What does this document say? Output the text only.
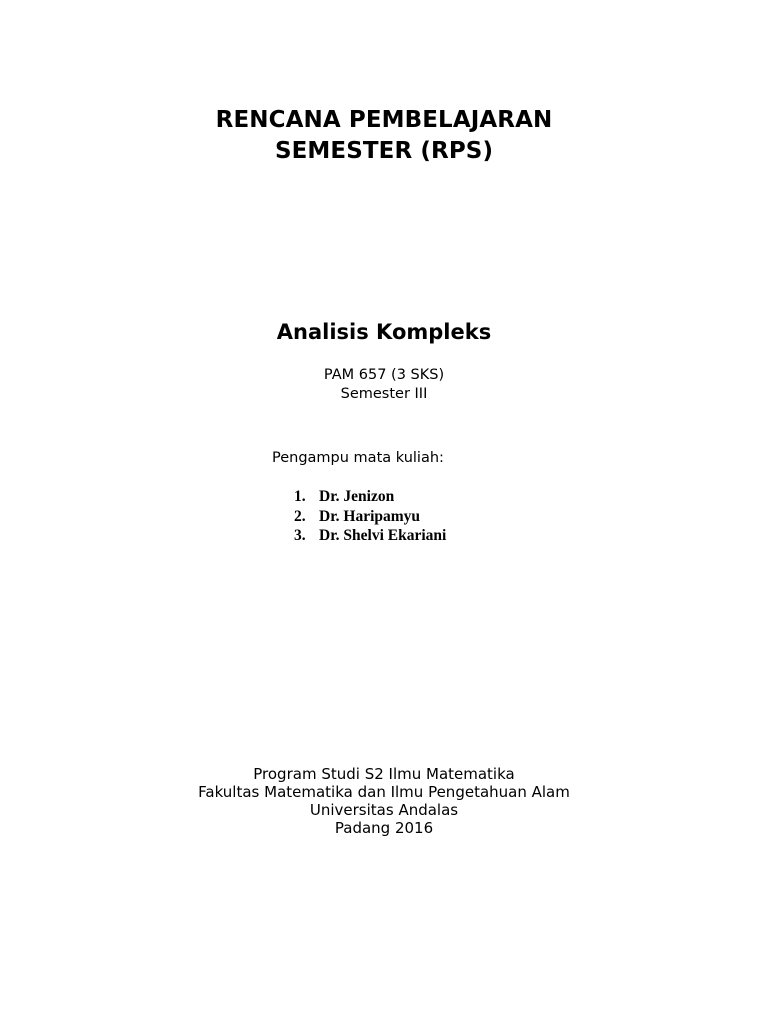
RENCANA PEMBELAJARAN
SEMESTER (RPS)
Analisis Kompleks
PAM 657 (3 SKS)
Semester III
Pengampu mata kuliah:
1. Dr. Jenizon
2. Dr. Haripamyu
3. Dr. Shelvi Ekariani
Program Studi S2 Ilmu Matematika
Fakultas Matematika dan Ilmu Pengetahuan Alam
Universitas Andalas
Padang 2016
